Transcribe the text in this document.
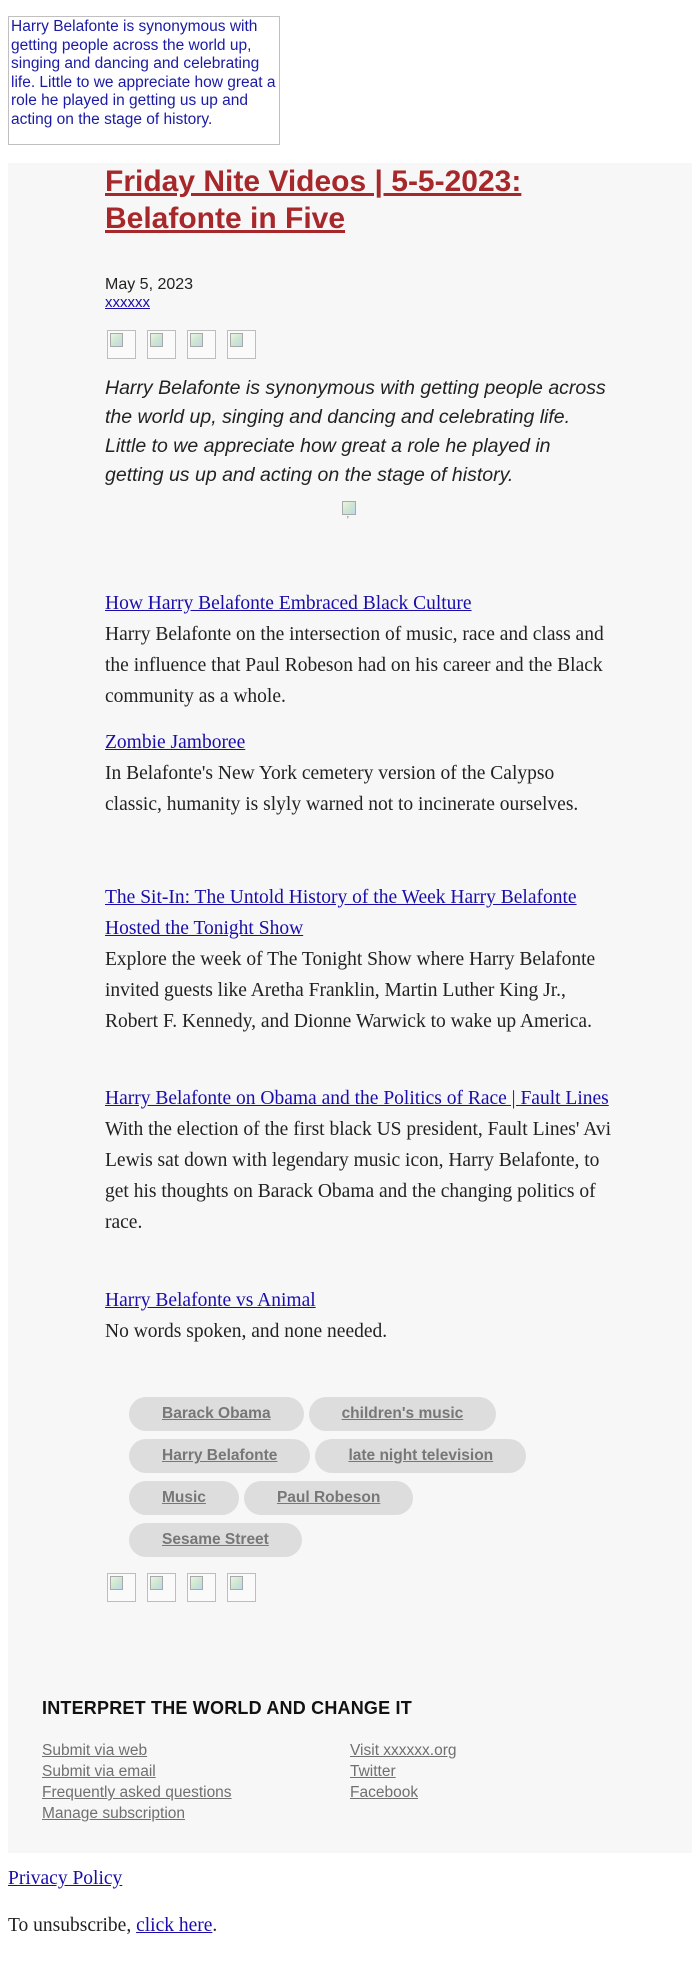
Harry Belafonte is synonymous with getting people across the world up, singing and dancing and celebrating life. Little to we appreciate how great a role he played in getting us up and acting on the stage of history.
Friday Nite Videos | 5-5-2023: Belafonte in Five
May 5, 2023
xxxxxx

Harry Belafonte is synonymous with getting people across the world up, singing and dancing and celebrating life. Little to we appreciate how great a role he played in getting us up and acting on the stage of history.

'
How Harry Belafonte Embraced Black Culture
Harry Belafonte on the intersection of music, race and class and the influence that Paul Robeson had on his career and the Black community as a whole.
Zombie Jamboree
In Belafonte's New York cemetery version of the Calypso classic, humanity is slyly warned not to incinerate ourselves.
The Sit-In: The Untold History of the Week Harry Belafonte Hosted the Tonight Show
Explore the week of The Tonight Show where Harry Belafonte invited guests like Aretha Franklin, Martin Luther King Jr., Robert F. Kennedy, and Dionne Warwick to wake up America.
Harry Belafonte on Obama and the Politics of Race | Fault Lines
With the election of the first black US president, Fault Lines' Avi Lewis sat down with legendary music icon, Harry Belafonte, to get his thoughts on Barack Obama and the changing politics of race.
Harry Belafonte vs Animal
No words spoken, and none needed.
Barack Obama	children's music
Harry Belafonte	late night television
Music	Paul Robeson
Sesame Street
INTERPRET THE WORLD AND CHANGE IT
Submit via web
Submit via email
Frequently asked questions
Manage subscription
Visit xxxxxx.org
Twitter
Facebook
Privacy Policy
To unsubscribe, click here.
